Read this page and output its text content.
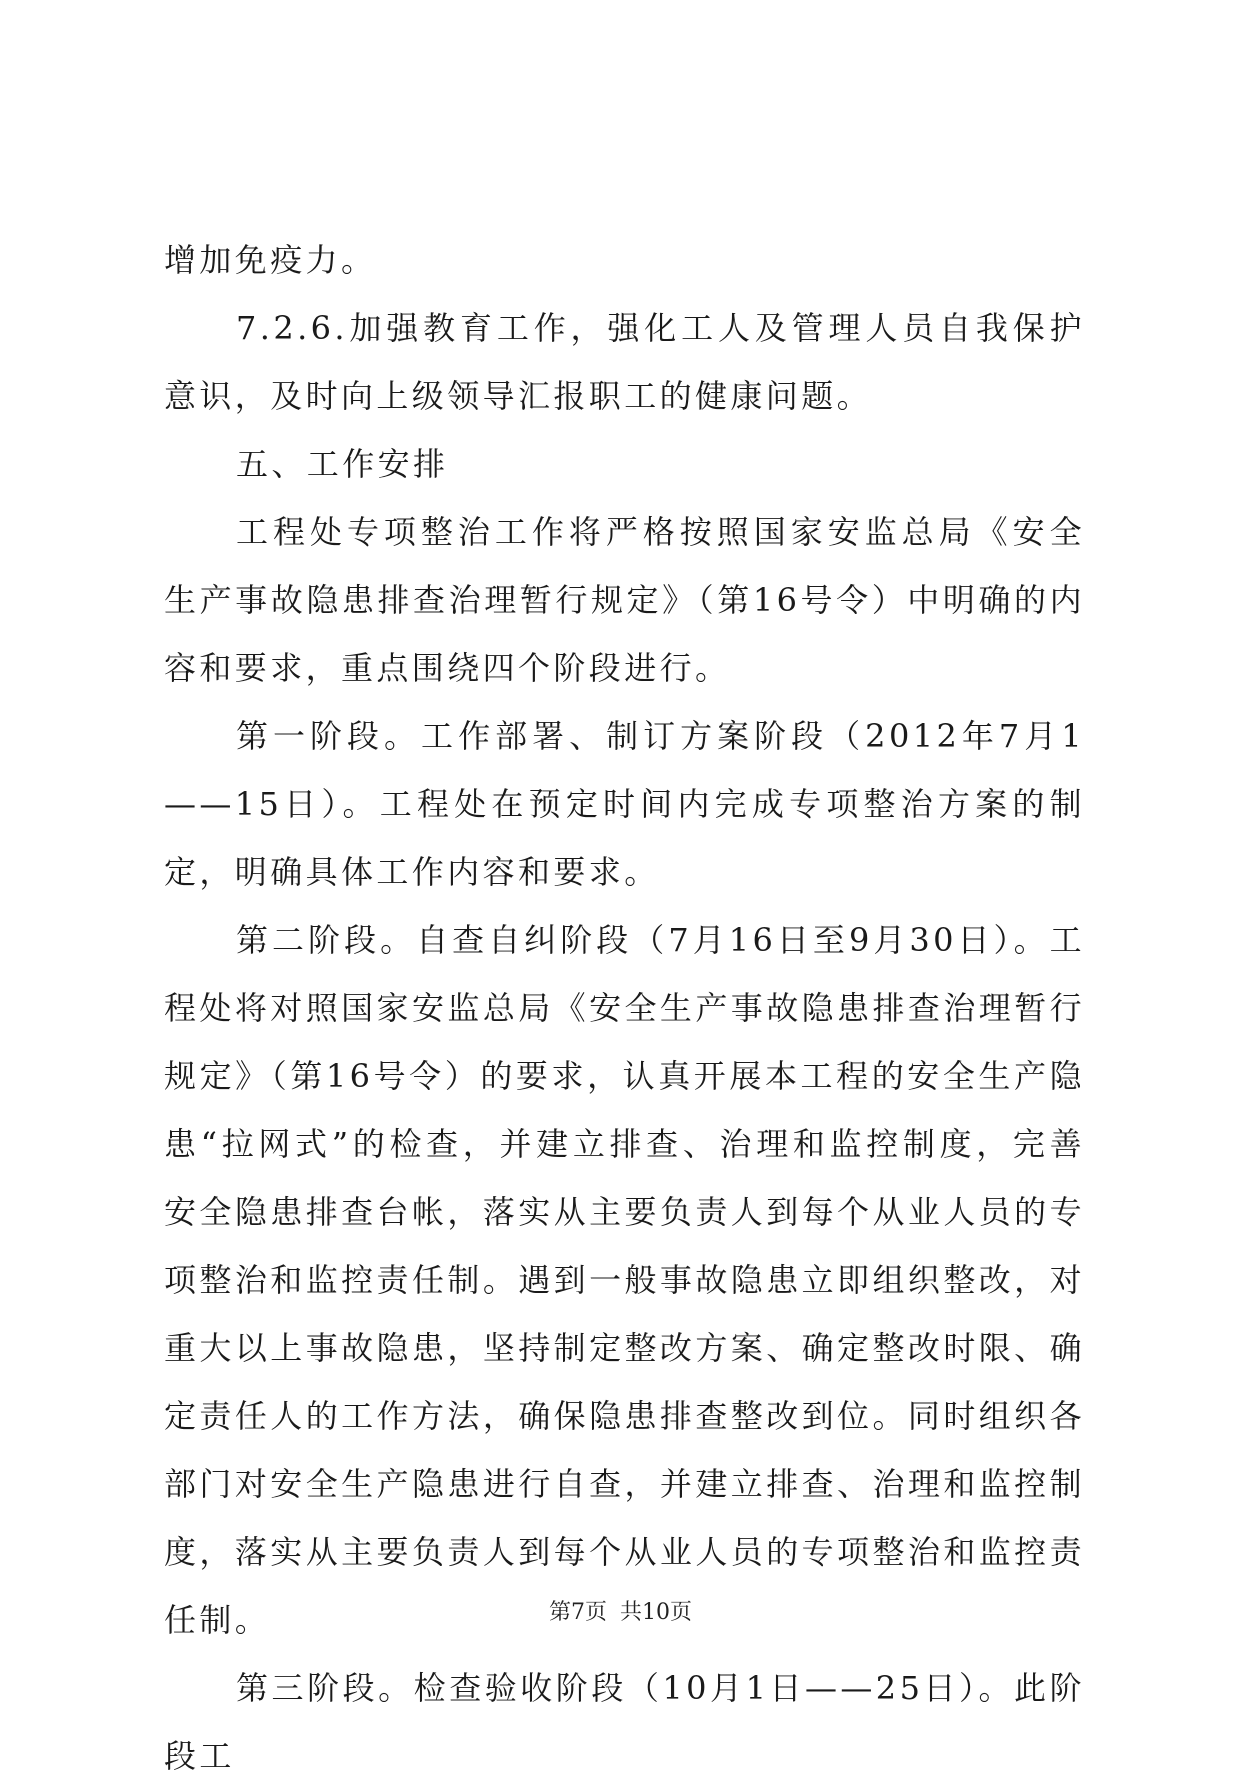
增加免疫力。

7.2.6.加强教育工作，强化工人及管理人员自我保护意识，及时向上级领导汇报职工的健康问题。

五、工作安排

工程处专项整治工作将严格按照国家安监总局《安全生产事故隐患排查治理暂行规定》（第16号令）中明确的内容和要求，重点围绕四个阶段进行。

第一阶段。工作部署、制订方案阶段（2012年7月1——15日）。工程处在预定时间内完成专项整治方案的制定，明确具体工作内容和要求。

第二阶段。自查自纠阶段（7月16日至9月30日）。工程处将对照国家安监总局《安全生产事故隐患排查治理暂行规定》（第16号令）的要求，认真开展本工程的安全生产隐患“拉网式”的检查，并建立排查、治理和监控制度，完善安全隐患排查台帐，落实从主要负责人到每个从业人员的专项整治和监控责任制。遇到一般事故隐患立即组织整改，对重大以上事故隐患，坚持制定整改方案、确定整改时限、确定责任人的工作方法，确保隐患排查整改到位。同时组织各部门对安全生产隐患进行自查，并建立排查、治理和监控制度，落实从主要负责人到每个从业人员的专项整治和监控责任制。

第三阶段。检查验收阶段（10月1日——25日）。此阶段工

第7页 共10页
